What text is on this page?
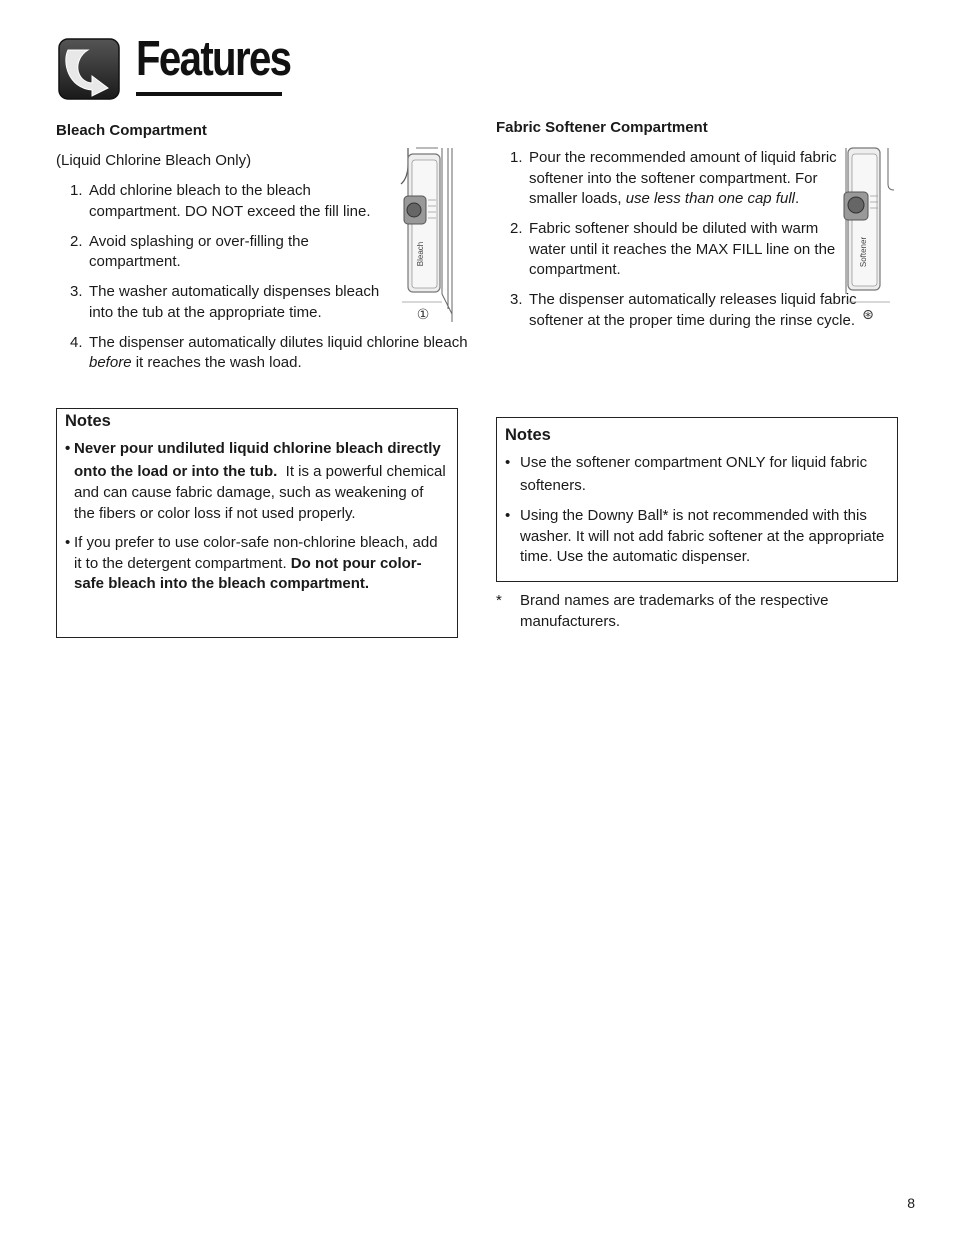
Features
Bleach Compartment
(Liquid Chlorine Bleach Only)
1. Add chlorine bleach to the bleach compartment. DO NOT exceed the fill line.
2. Avoid splashing or over-filling the compartment.
3. The washer automatically dispenses bleach into the tub at the appropriate time.
4. The dispenser automatically dilutes liquid chlorine bleach before it reaches the wash load.
Bleach
①
Notes
• Never pour undiluted liquid chlorine bleach directly onto the load or into the tub. It is a powerful chemical and can cause fabric damage, such as weakening of the fibers or color loss if not used properly.
• If you prefer to use color-safe non-chlorine bleach, add it to the detergent compartment. Do not pour color-safe bleach into the bleach compartment.
Fabric Softener Compartment
1. Pour the recommended amount of liquid fabric softener into the softener compartment. For smaller loads, use less than one cap full.
2. Fabric softener should be diluted with warm water until it reaches the MAX FILL line on the compartment.
3. The dispenser automatically releases liquid fabric softener at the proper time during the rinse cycle.
Softener
⊛
Notes
• Use the softener compartment ONLY for liquid fabric softeners.
• Using the Downy Ball* is not recommended with this washer. It will not add fabric softener at the appropriate time. Use the automatic dispenser.
* Brand names are trademarks of the respective manufacturers.
8
